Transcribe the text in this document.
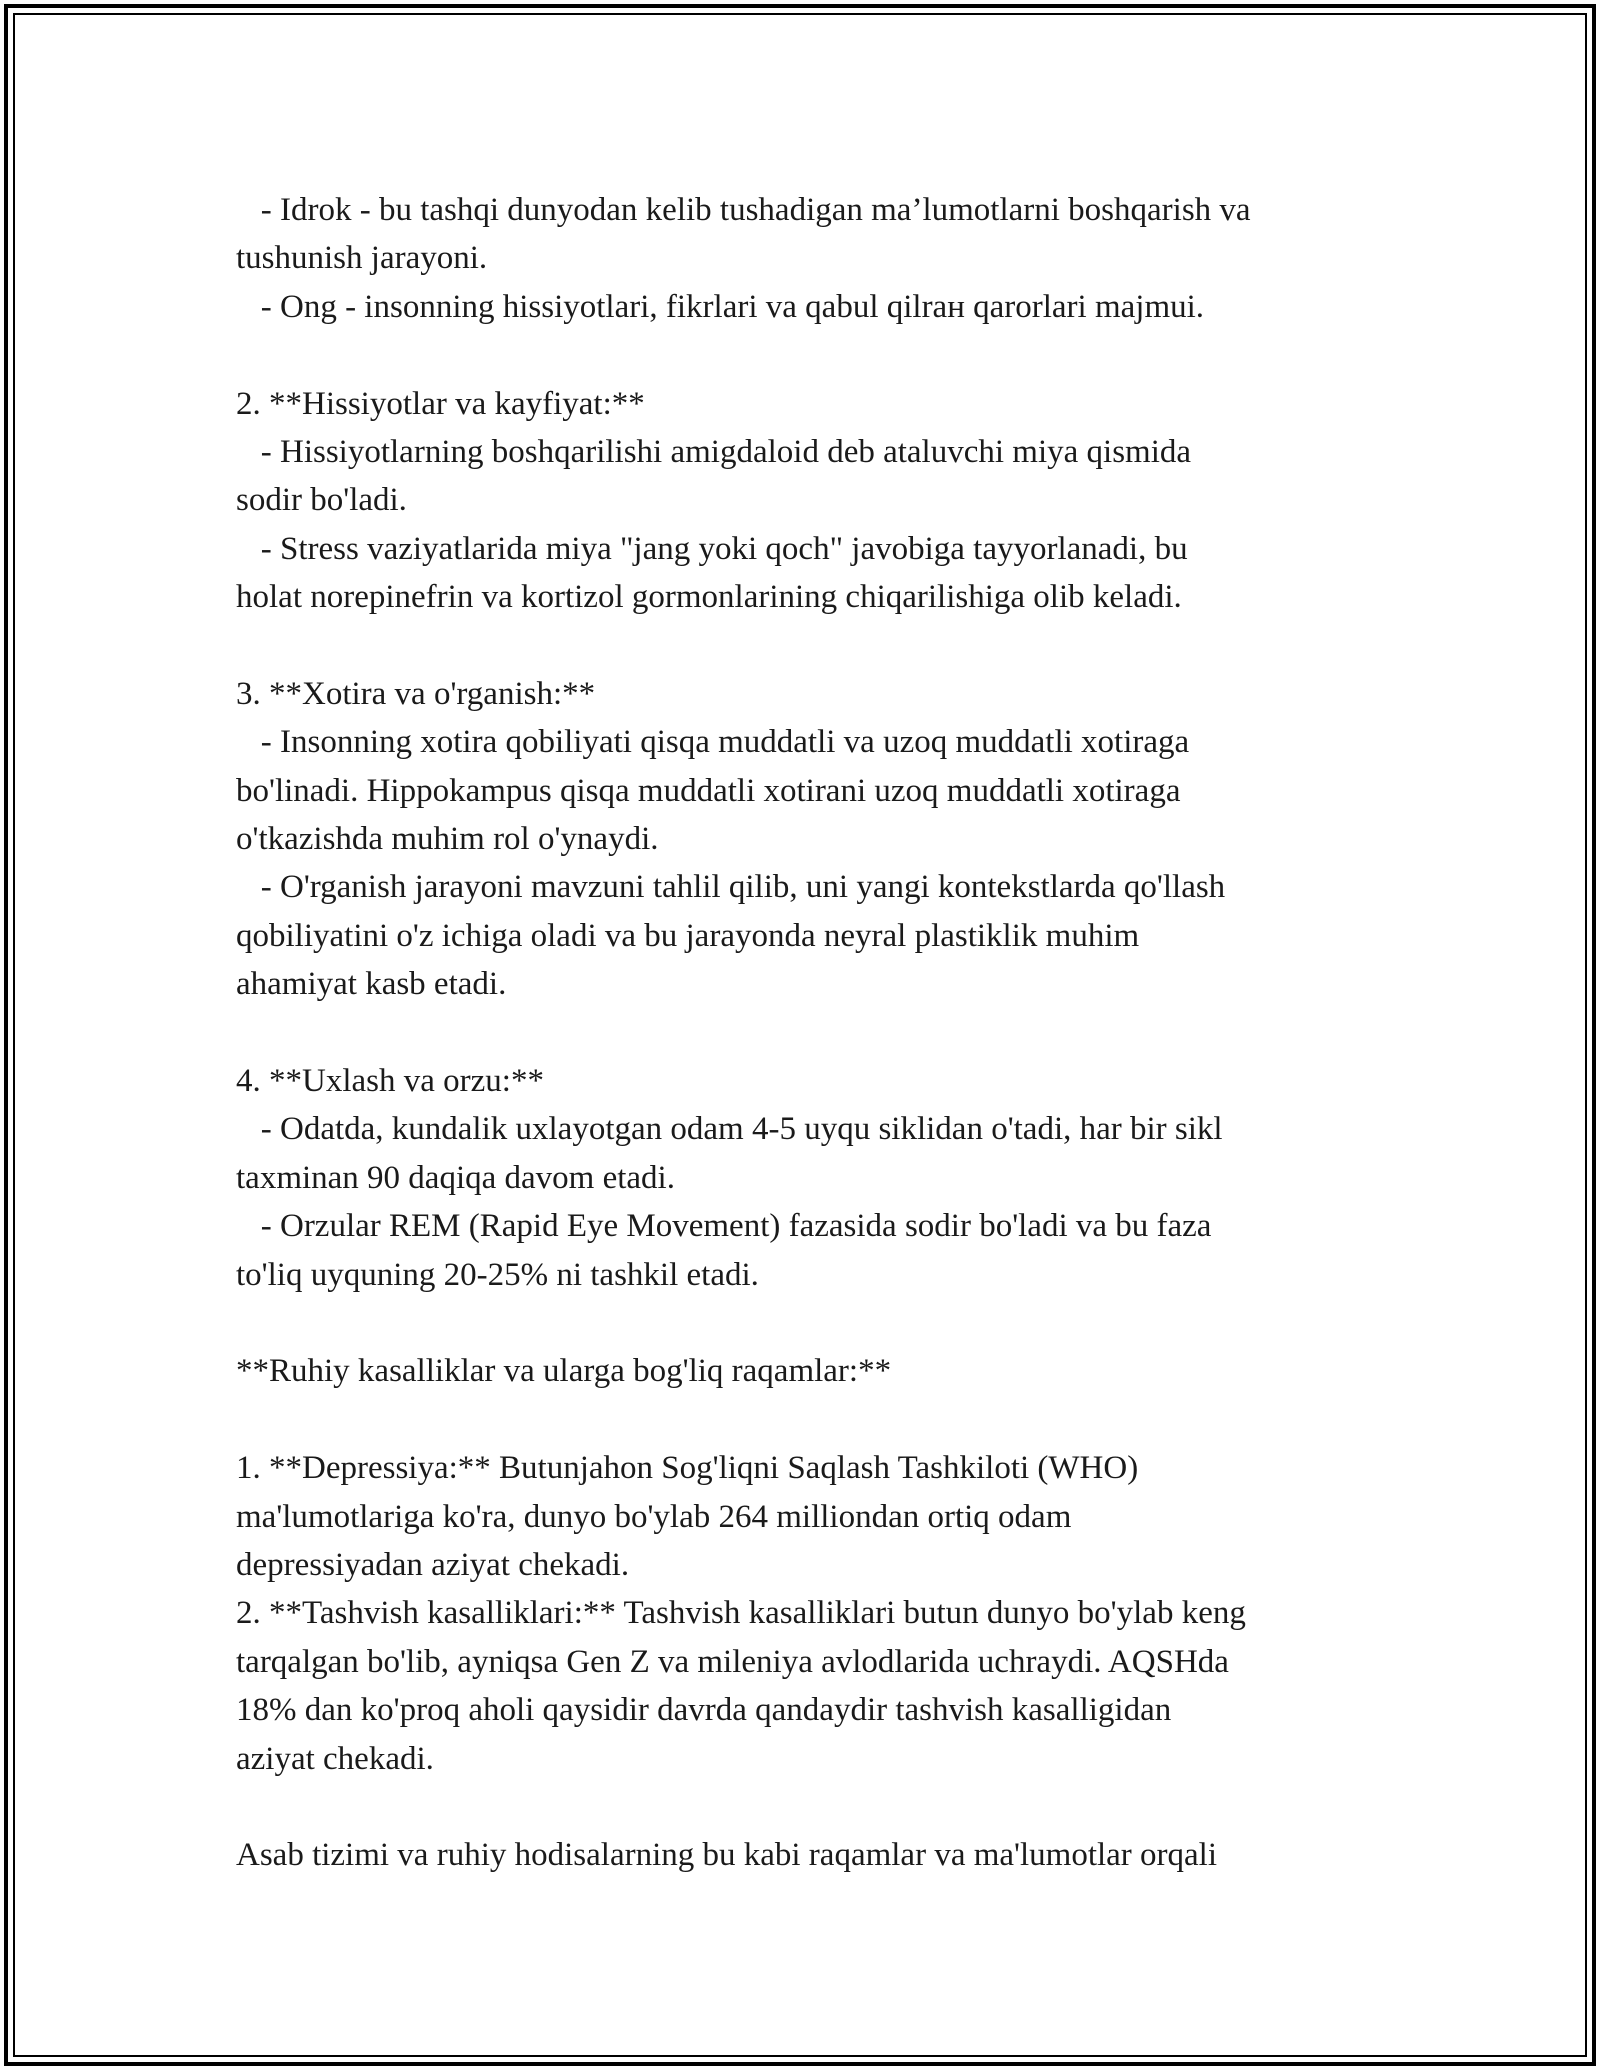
- Idrok - bu tashqi dunyodan kelib tushadigan ma’lumotlarni boshqarish va
tushunish jarayoni.
- Ong - insonning hissiyotlari, fikrlari va qabul qilraн qarorlari majmui.
2. **Hissiyotlar va kayfiyat:**
- Hissiyotlarning boshqarilishi amigdaloid deb ataluvchi miya qismida
sodir bo'ladi.
- Stress vaziyatlarida miya "jang yoki qoch" javobiga tayyorlanadi, bu
holat norepinefrin va kortizol gormonlarining chiqarilishiga olib keladi.
3. **Xotira va o'rganish:**
- Insonning xotira qobiliyati qisqa muddatli va uzoq muddatli xotiraga
bo'linadi. Hippokampus qisqa muddatli xotirani uzoq muddatli xotiraga
o'tkazishda muhim rol o'ynaydi.
- O'rganish jarayoni mavzuni tahlil qilib, uni yangi kontekstlarda qo'llash
qobiliyatini o'z ichiga oladi va bu jarayonda neyral plastiklik muhim
ahamiyat kasb etadi.
4. **Uxlash va orzu:**
- Odatda, kundalik uxlayotgan odam 4-5 uyqu siklidan o'tadi, har bir sikl
taxminan 90 daqiqa davom etadi.
- Orzular REM (Rapid Eye Movement) fazasida sodir bo'ladi va bu faza
to'liq uyquning 20-25% ni tashkil etadi.
**Ruhiy kasalliklar va ularga bog'liq raqamlar:**
1. **Depressiya:** Butunjahon Sog'liqni Saqlash Tashkiloti (WHO)
ma'lumotlariga ko'ra, dunyo bo'ylab 264 milliondan ortiq odam
depressiyadan aziyat chekadi.
2. **Tashvish kasalliklari:** Tashvish kasalliklari butun dunyo bo'ylab keng
tarqalgan bo'lib, ayniqsa Gen Z va mileniya avlodlarida uchraydi. AQSHda
18% dan ko'proq aholi qaysidir davrda qandaydir tashvish kasalligidan
aziyat chekadi.
Asab tizimi va ruhiy hodisalarning bu kabi raqamlar va ma'lumotlar orqali
